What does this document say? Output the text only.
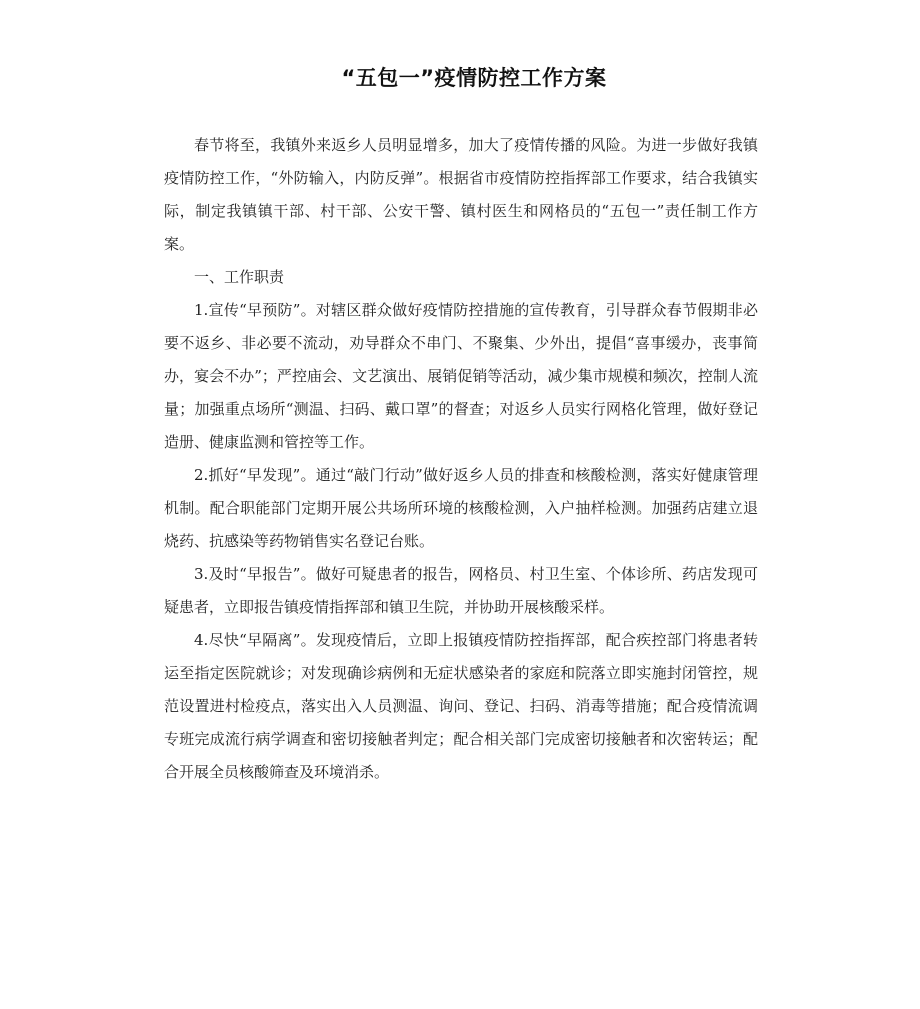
“五包一”疫情防控工作方案

春节将至，我镇外来返乡人员明显增多，加大了疫情传播的风险。为进一步做好我镇疫情防控工作，“外防输入，内防反弹”。根据省市疫情防控指挥部工作要求，结合我镇实际，制定我镇镇干部、村干部、公安干警、镇村医生和网格员的“五包一”责任制工作方案。

一、工作职责

1.宣传“早预防”。对辖区群众做好疫情防控措施的宣传教育，引导群众春节假期非必要不返乡、非必要不流动，劝导群众不串门、不聚集、少外出，提倡“喜事缓办，丧事简办，宴会不办”；严控庙会、文艺演出、展销促销等活动，减少集市规模和频次，控制人流量；加强重点场所“测温、扫码、戴口罩”的督查；对返乡人员实行网格化管理，做好登记造册、健康监测和管控等工作。

2.抓好“早发现”。通过“敲门行动”做好返乡人员的排查和核酸检测，落实好健康管理机制。配合职能部门定期开展公共场所环境的核酸检测，入户抽样检测。加强药店建立退烧药、抗感染等药物销售实名登记台账。

3.及时“早报告”。做好可疑患者的报告，网格员、村卫生室、个体诊所、药店发现可疑患者，立即报告镇疫情指挥部和镇卫生院，并协助开展核酸采样。

4.尽快“早隔离”。发现疫情后，立即上报镇疫情防控指挥部，配合疾控部门将患者转运至指定医院就诊；对发现确诊病例和无症状感染者的家庭和院落立即实施封闭管控，规范设置进村检疫点，落实出入人员测温、询问、登记、扫码、消毒等措施；配合疫情流调专班完成流行病学调查和密切接触者判定；配合相关部门完成密切接触者和次密转运；配合开展全员核酸筛查及环境消杀。
